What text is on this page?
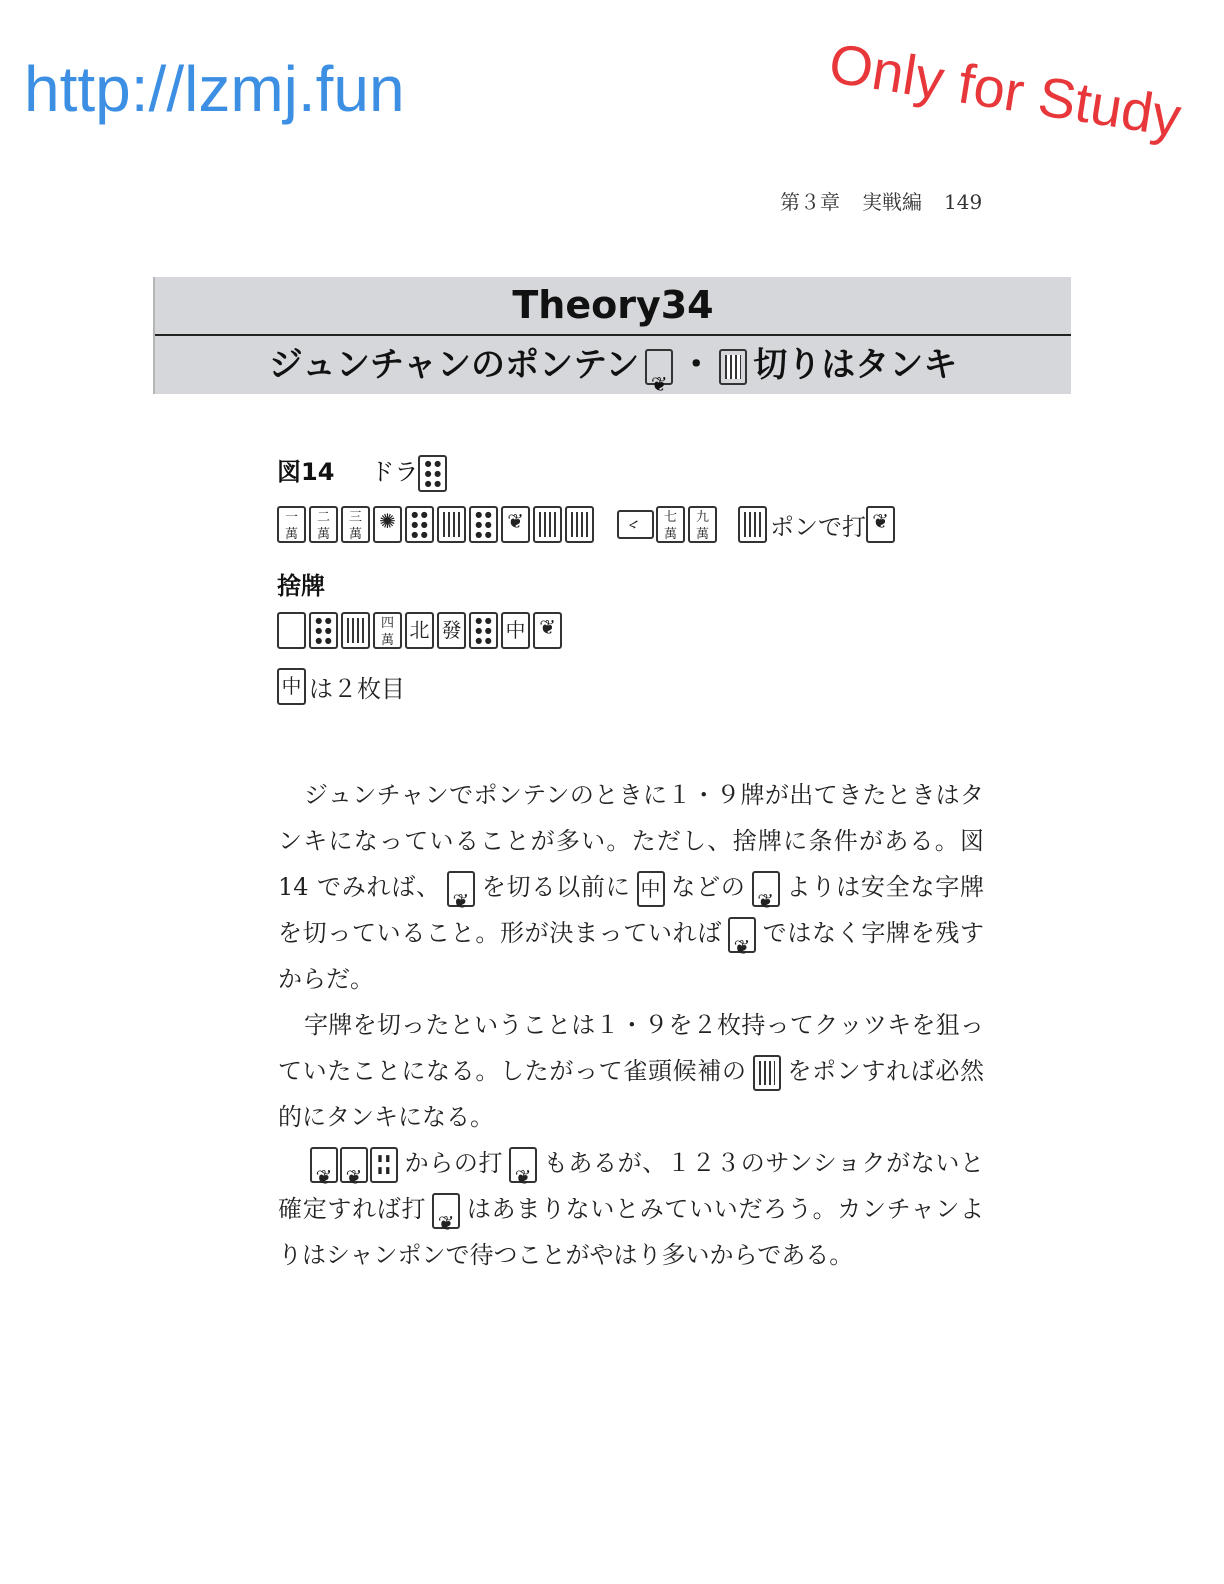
http://lzmj.fun	Only for Study
第３章 実戦編 149
Theory34
ジュンチャンのポンテン ❦ ・ 切りはタンキ
図14 ドラ● ● ● ● ● ●
一
萬
二
萬
三
萬
✺● ● ● ● ● ●● ● ● ● ● ●❦ﾍ
七
萬
九
萬	ポンで打❦
捨牌
● ● ● ● ● ●
四
萬 北 發 ● ● ● ● ● ● 中❦
中 は２枚目

ジュンチャンでポンテンのときに１・９牌が出てきたときはタンキになっていることが多い。ただし、捨牌に条件がある。図 14 でみれば、 ❦ を切る以前に 中 などの ❦ よりは安全な字牌を切っていること。形が決まっていれば ❦ ではなく字牌を残すからだ。

字牌を切ったということは１・９を２枚持ってクッツキを狙っていたことになる。したがって雀頭候補の をポンすれば必然的にタンキになる。

❦❦▮ ▮ ▮ ▮からの打 ❦ もあるが、１２３のサンショクがないと確定すれば打 ❦ はあまりないとみていいだろう。カンチャンよりはシャンポンで待つことがやはり多いからである。
